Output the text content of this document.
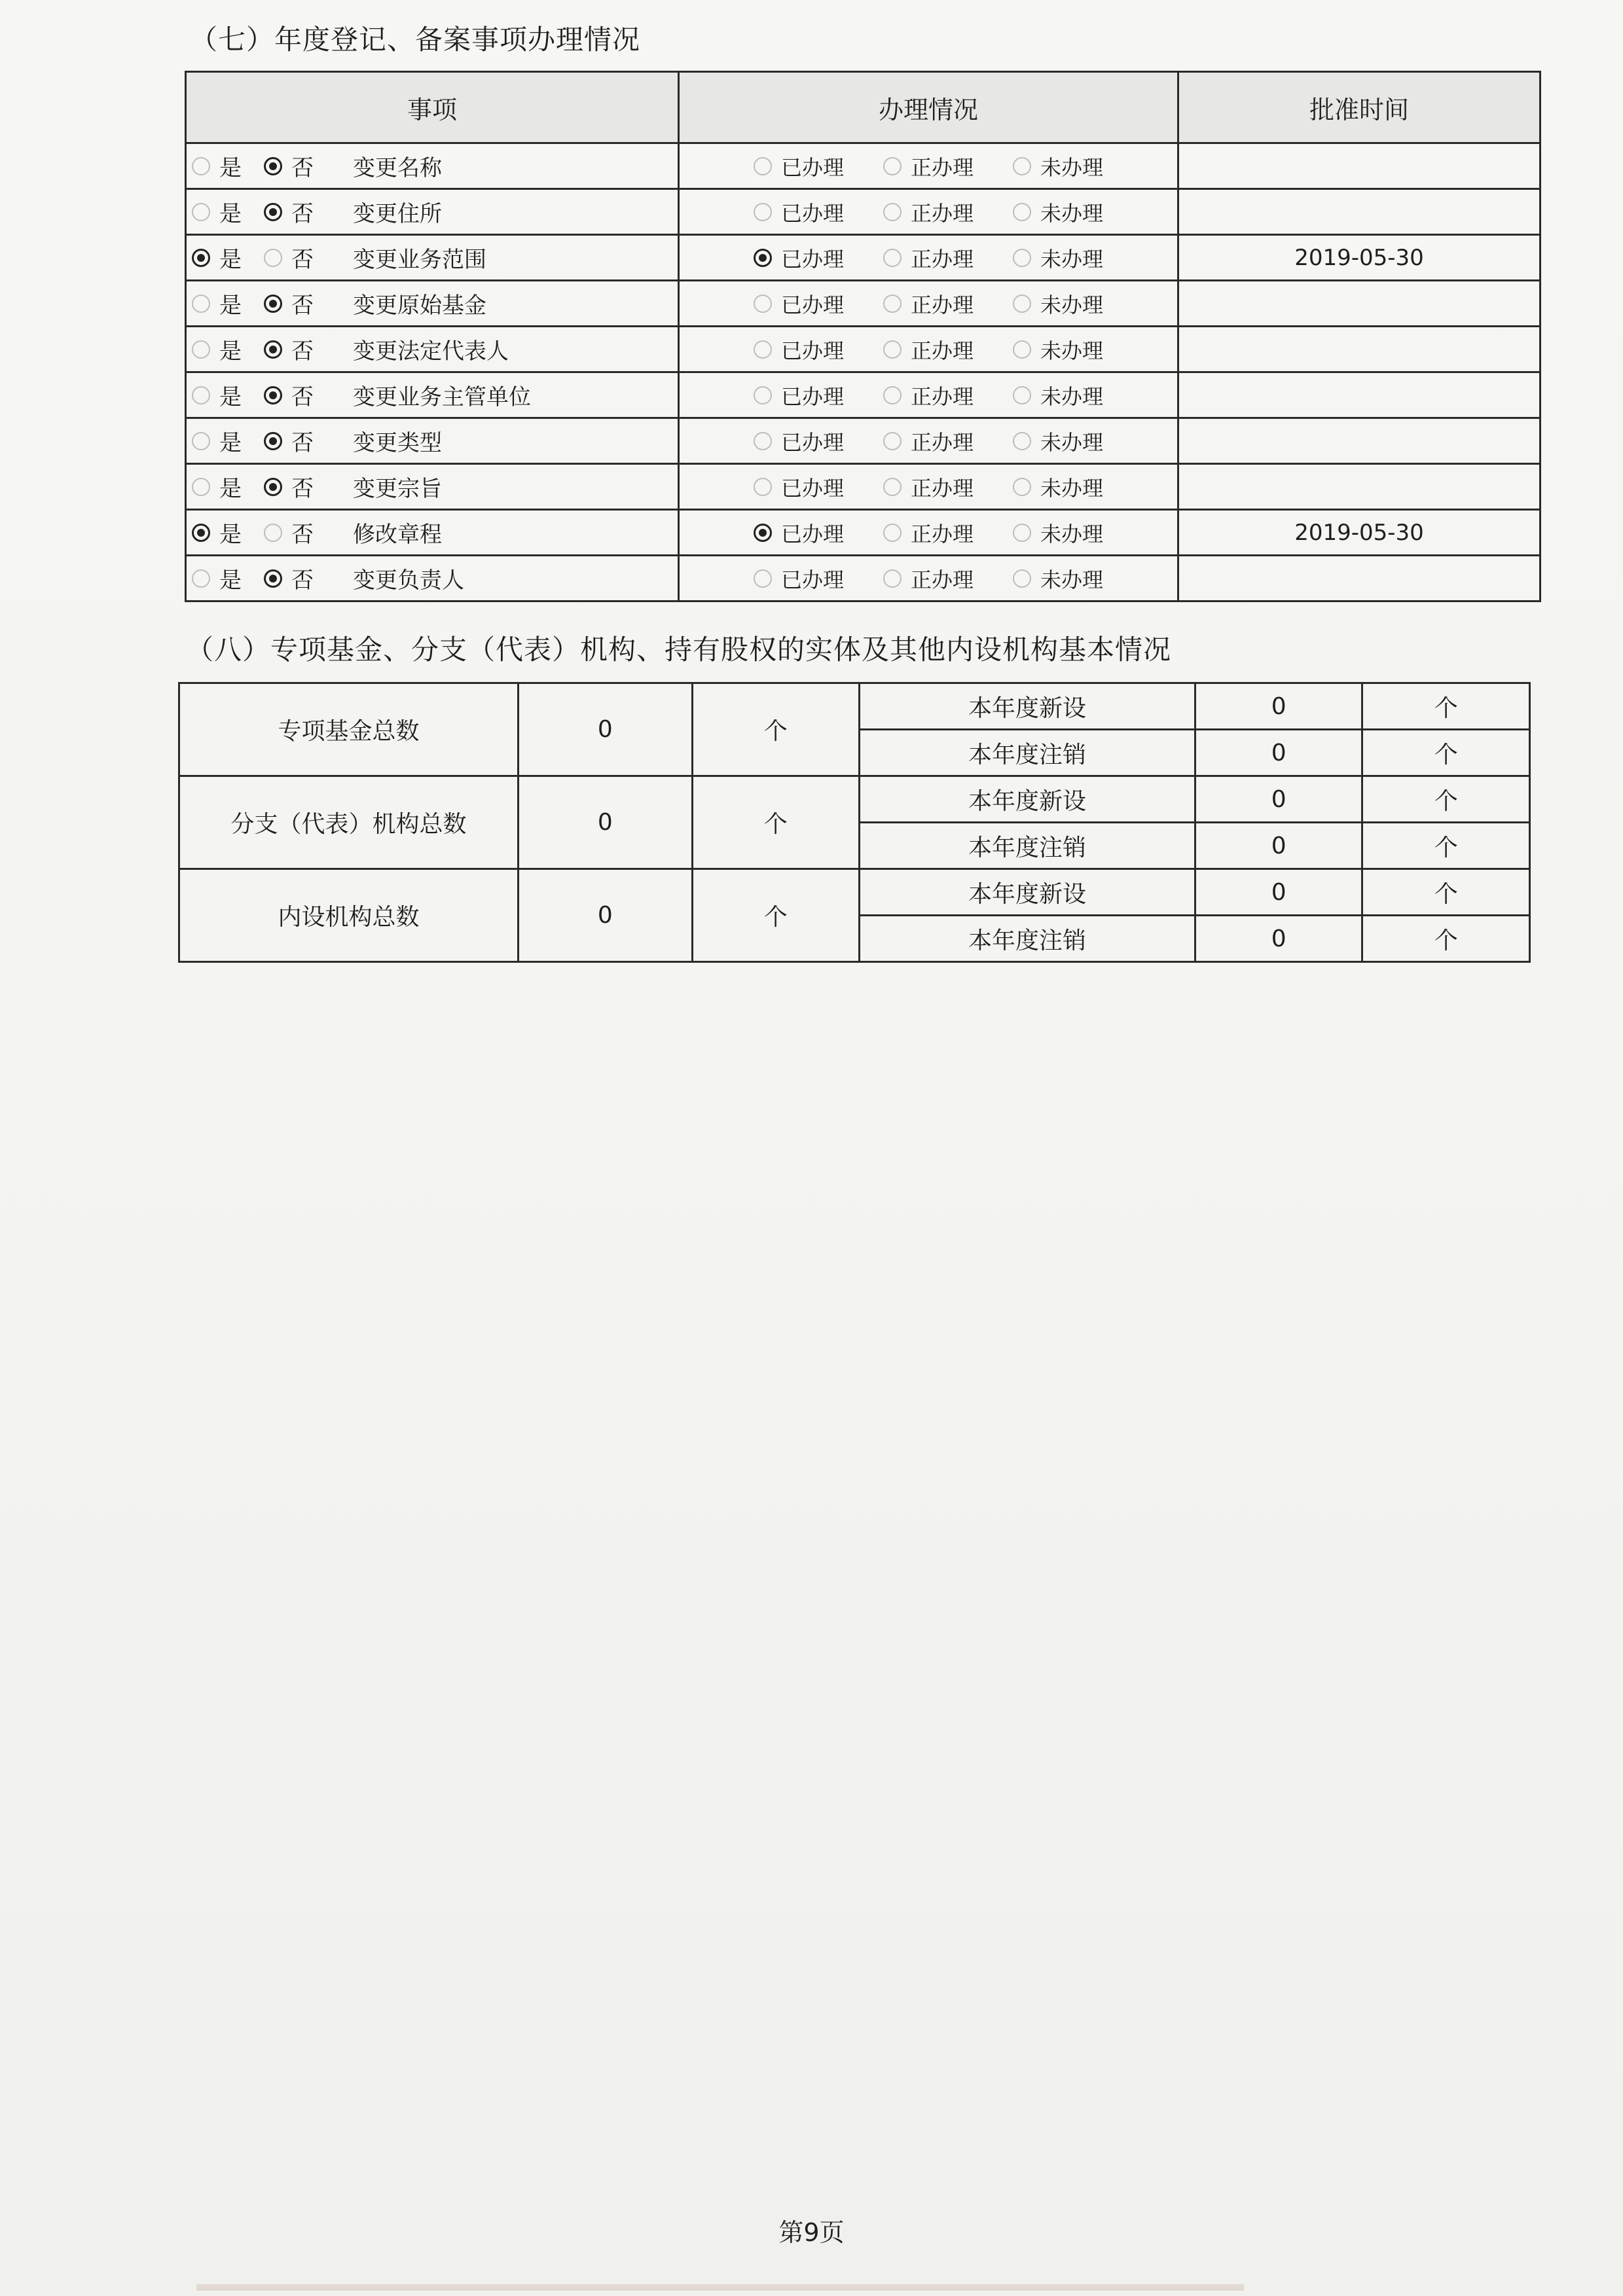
（七）年度登记、备案事项办理情况
事项	办理情况	批准时间

是 否 变更名称	已办理 正办理 未办理	

是 否 变更住所	已办理 正办理 未办理	

是 否 变更业务范围	已办理 正办理 未办理	2019-05-30

是 否 变更原始基金	已办理 正办理 未办理	

是 否 变更法定代表人	已办理 正办理 未办理	

是 否 变更业务主管单位	已办理 正办理 未办理	

是 否 变更类型	已办理 正办理 未办理	

是 否 变更宗旨	已办理 正办理 未办理	

是 否 修改章程	已办理 正办理 未办理	2019-05-30

是 否 变更负责人	已办理 正办理 未办理	

（八）专项基金、分支（代表）机构、持有股权的实体及其他内设机构基本情况
专项基金总数	0	个	本年度新设	0	个
			本年度注销	0	个
分支（代表）机构总数	0	个	本年度新设	0	个
			本年度注销	0	个
内设机构总数	0	个	本年度新设	0	个
			本年度注销	0	个
第9页
